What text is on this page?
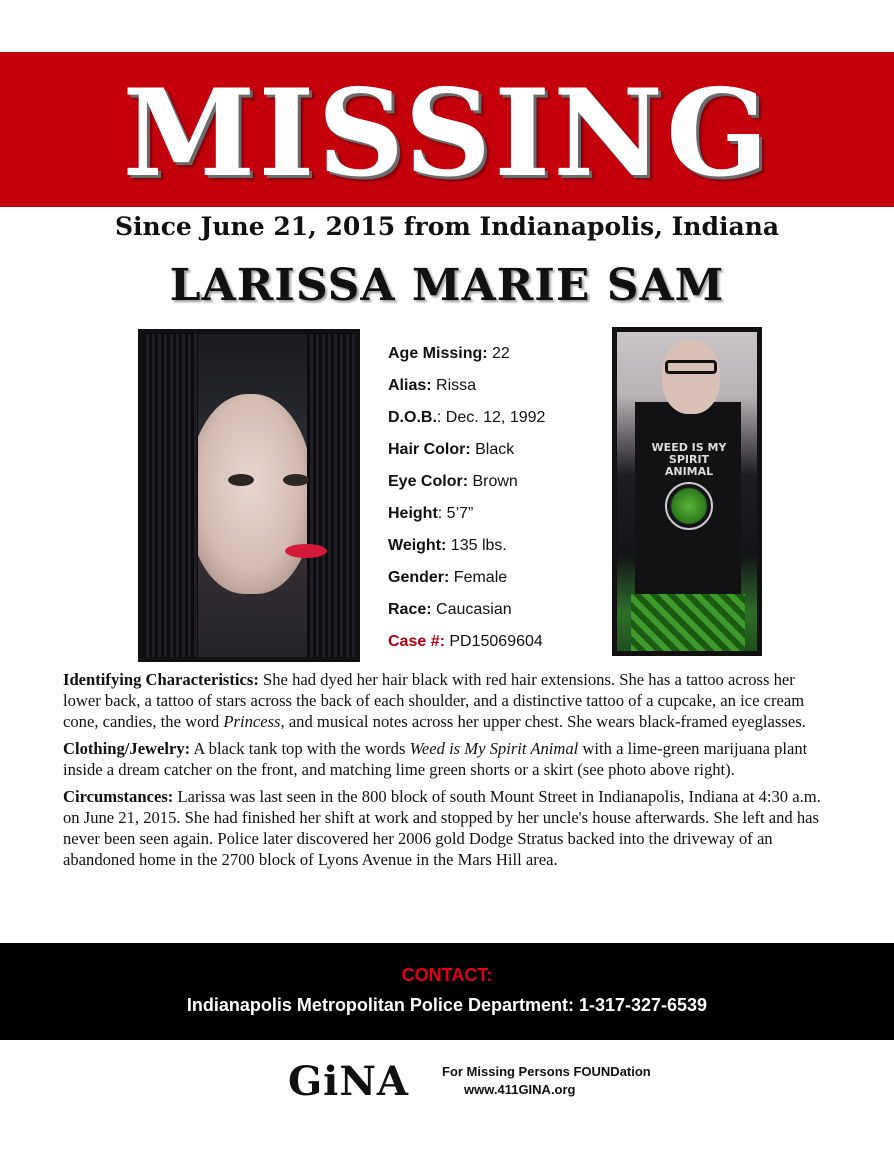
MISSING
Since June 21, 2015 from Indianapolis, Indiana
LARISSA MARIE SAM
WEED IS MY SPIRIT ANIMAL
Age Missing: 22
Alias: Rissa
D.O.B.: Dec. 12, 1992
Hair Color: Black
Eye Color: Brown
Height: 5’7”
Weight: 135 lbs.
Gender: Female
Race: Caucasian
Case #: PD15069604

Identifying Characteristics: She had dyed her hair black with red hair extensions. She has a tattoo across her lower back, a tattoo of stars across the back of each shoulder, and a distinctive tattoo of a cupcake, an ice cream cone, candies, the word Princess, and musical notes across her upper chest. She wears black-framed eyeglasses.

Clothing/Jewelry: A black tank top with the words Weed is My Spirit Animal with a lime-green marijuana plant inside a dream catcher on the front, and matching lime green shorts or a skirt (see photo above right).

Circumstances: Larissa was last seen in the 800 block of south Mount Street in Indianapolis, Indiana at 4:30 a.m. on June 21, 2015. She had finished her shift at work and stopped by her uncle's house afterwards. She left and has never been seen again. Police later discovered her 2006 gold Dodge Stratus backed into the driveway of an abandoned home in the 2700 block of Lyons Avenue in the Mars Hill area.

CONTACT:
Indianapolis Metropolitan Police Department: 1-317-327-6539
GiNA	For Missing Persons FOUNDation
www.411GINA.org
